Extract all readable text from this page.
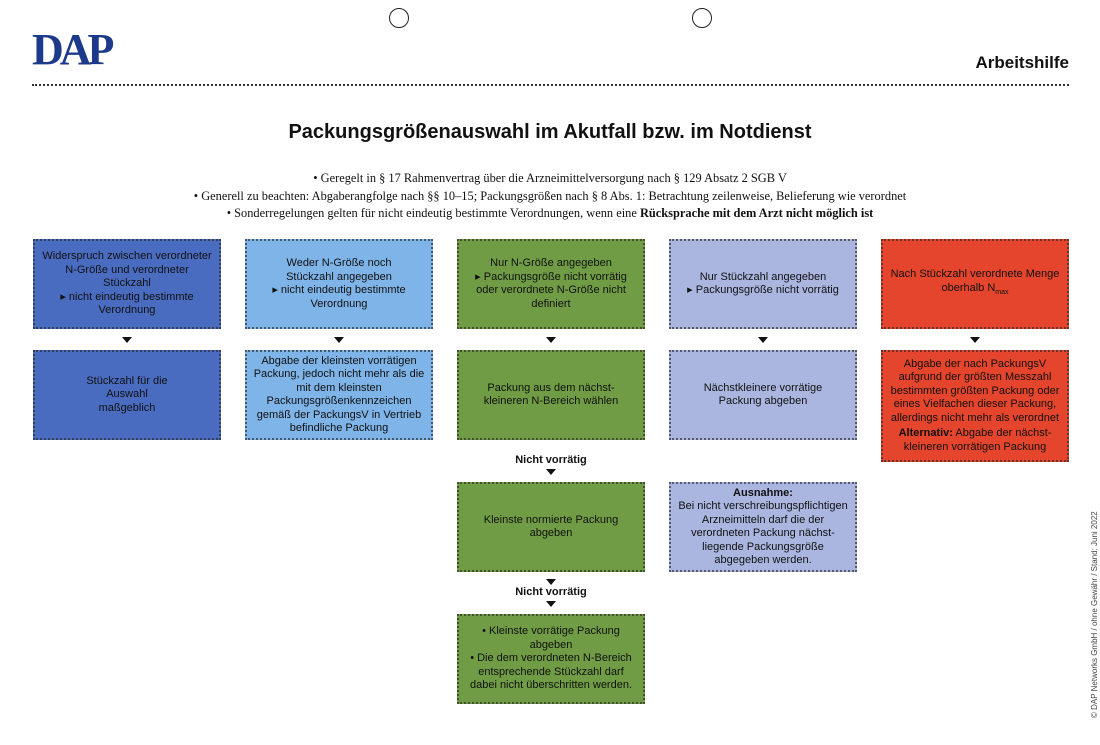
DAP	Arbeitshilfe
Packungsgrößenauswahl im Akutfall bzw. im Notdienst
• Geregelt in § 17 Rahmenvertrag über die Arzneimittelversorgung nach § 129 Absatz 2 SGB V
• Generell zu beachten: Abgaberangfolge nach §§ 10–15; Packungsgrößen nach § 8 Abs. 1: Betrachtung zeilenweise, Belieferung wie verordnet
• Sonderregelungen gelten für nicht eindeutig bestimmte Verordnungen, wenn eine Rücksprache mit dem Arzt nicht möglich ist

Widerspruch zwischen verordneter N-Größe und verordneter Stückzahl

▸ nicht eindeutig bestimmte Verordnung

Stückzahl für die Auswahl maßgeblich

Weder N-Größe noch Stückzahl angegeben

▸ nicht eindeutig bestimmte Verordnung

Abgabe der kleinsten vorrätigen Packung, jedoch nicht mehr als die mit dem kleinsten Packungsgrößenkennzeichen gemäß der PackungsV in Vertrieb befindliche Packung

Nur N-Größe angegeben

▸ Packungsgröße nicht vorrätig oder verordnete N-Größe nicht definiert

Packung aus dem nächst-kleineren N-Bereich wählen

Nicht vorrätig

Kleinste normierte Packung abgeben

Nicht vorrätig

• Kleinste vorrätige Packung abgeben

• Die dem verordneten N-Bereich entsprechende Stückzahl darf dabei nicht überschritten werden.

Nur Stückzahl angegeben

▸ Packungsgröße nicht vorrätig

Nächstkleinere vorrätige Packung abgeben

Ausnahme:

Bei nicht verschreibungspflichtigen Arzneimitteln darf die der verordneten Packung nächst-liegende Packungsgröße abgegeben werden.

Nach Stückzahl verordnete Menge oberhalb $N_{max}$

Abgabe der nach PackungsV aufgrund der größten Messzahl bestimmten größten Packung oder eines Vielfachen dieser Packung, allerdings nicht mehr als verordnet

Alternativ: Abgabe der nächst-kleineren vorrätigen Packung

© DAP Networks GmbH / ohne Gewähr / Stand: Juni 2022
